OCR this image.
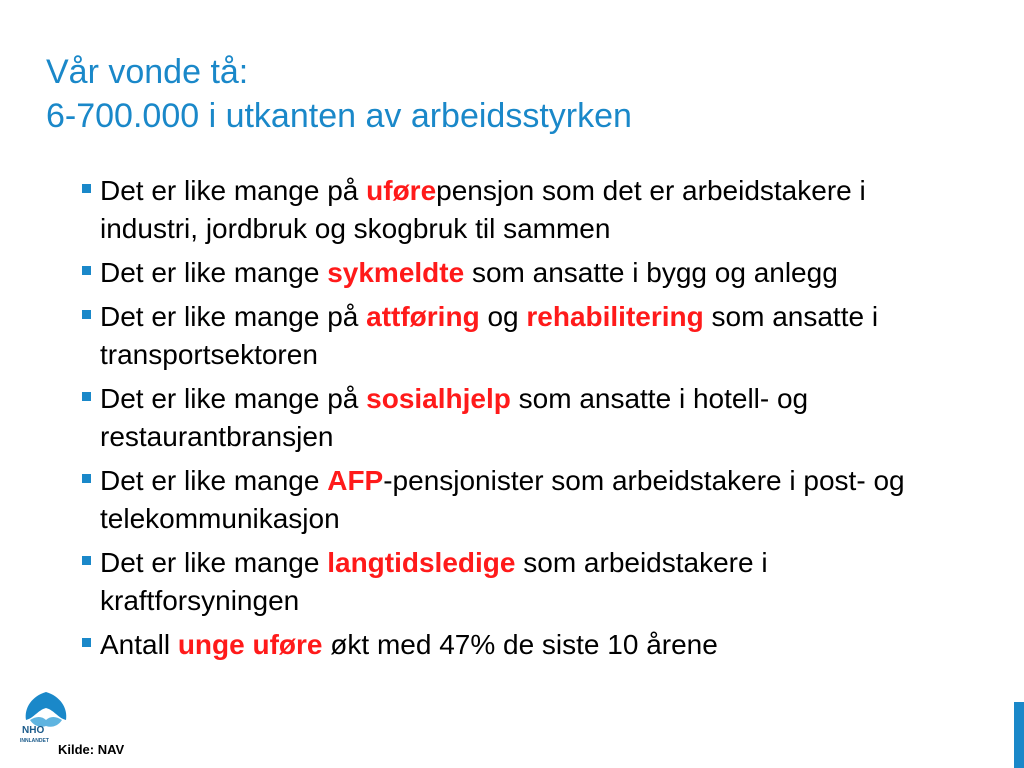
Vår vonde tå:
6-700.000 i utkanten av arbeidsstyrken
Det er like mange på uførepensjon som det er arbeidstakere i industri, jordbruk og skogbruk til sammen
Det er like mange sykmeldte som ansatte i bygg og anlegg
Det er like mange på attføring og rehabilitering som ansatte i transportsektoren
Det er like mange på sosialhjelp som ansatte i hotell- og restaurantbransjen
Det er like mange AFP-pensjonister som arbeidstakere i post- og telekommunikasjon
Det er like mange langtidsledige som arbeidstakere i kraftforsyningen
Antall unge uføre økt med 47% de siste 10 årene
NHO
INNLANDET
Kilde: NAV
